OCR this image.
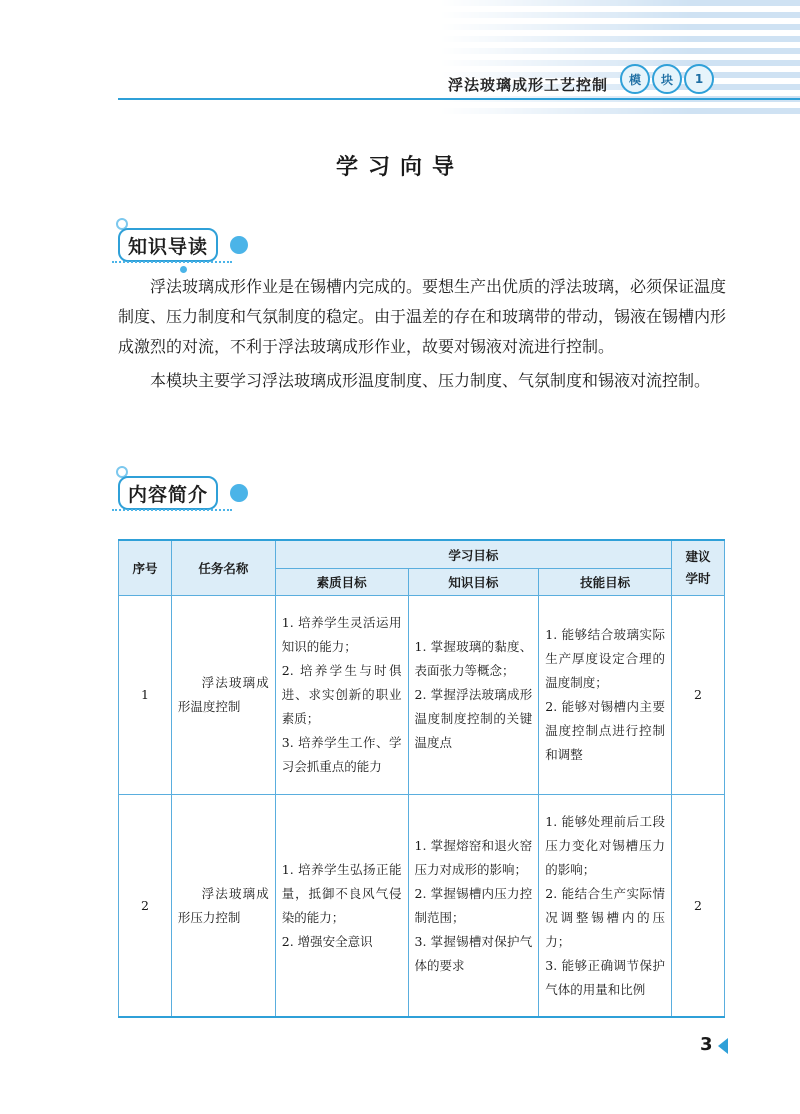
浮法玻璃成形工艺控制	模	块	1
学习向导
知识导读

浮法玻璃成形作业是在锡槽内完成的。要想生产出优质的浮法玻璃，必须保证温度制度、压力制度和气氛制度的稳定。由于温差的存在和玻璃带的带动，锡液在锡槽内形成激烈的对流，不利于浮法玻璃成形作业，故要对锡液对流进行控制。

本模块主要学习浮法玻璃成形温度制度、压力制度、气氛制度和锡液对流控制。

内容简介
序号	任务名称	学习目标			建议学时
		素质目标	知识目标	技能目标	
1	浮法玻璃成形温度控制	1. 培养学生灵活运用知识的能力；
2. 培养学生与时俱进、求实创新的职业素质；
3. 培养学生工作、学习会抓重点的能力	1. 掌握玻璃的黏度、表面张力等概念；
2. 掌握浮法玻璃成形温度制度控制的关键温度点	1. 能够结合玻璃实际生产厚度设定合理的温度制度；
2. 能够对锡槽内主要温度控制点进行控制和调整	2
2	浮法玻璃成形压力控制	1. 培养学生弘扬正能量，抵御不良风气侵染的能力；
2. 增强安全意识	1. 掌握熔窑和退火窑压力对成形的影响；
2. 掌握锡槽内压力控制范围；
3. 掌握锡槽对保护气体的要求	1. 能够处理前后工段压力变化对锡槽压力的影响；
2. 能结合生产实际情况调整锡槽内的压力；
3. 能够正确调节保护气体的用量和比例	2
3
